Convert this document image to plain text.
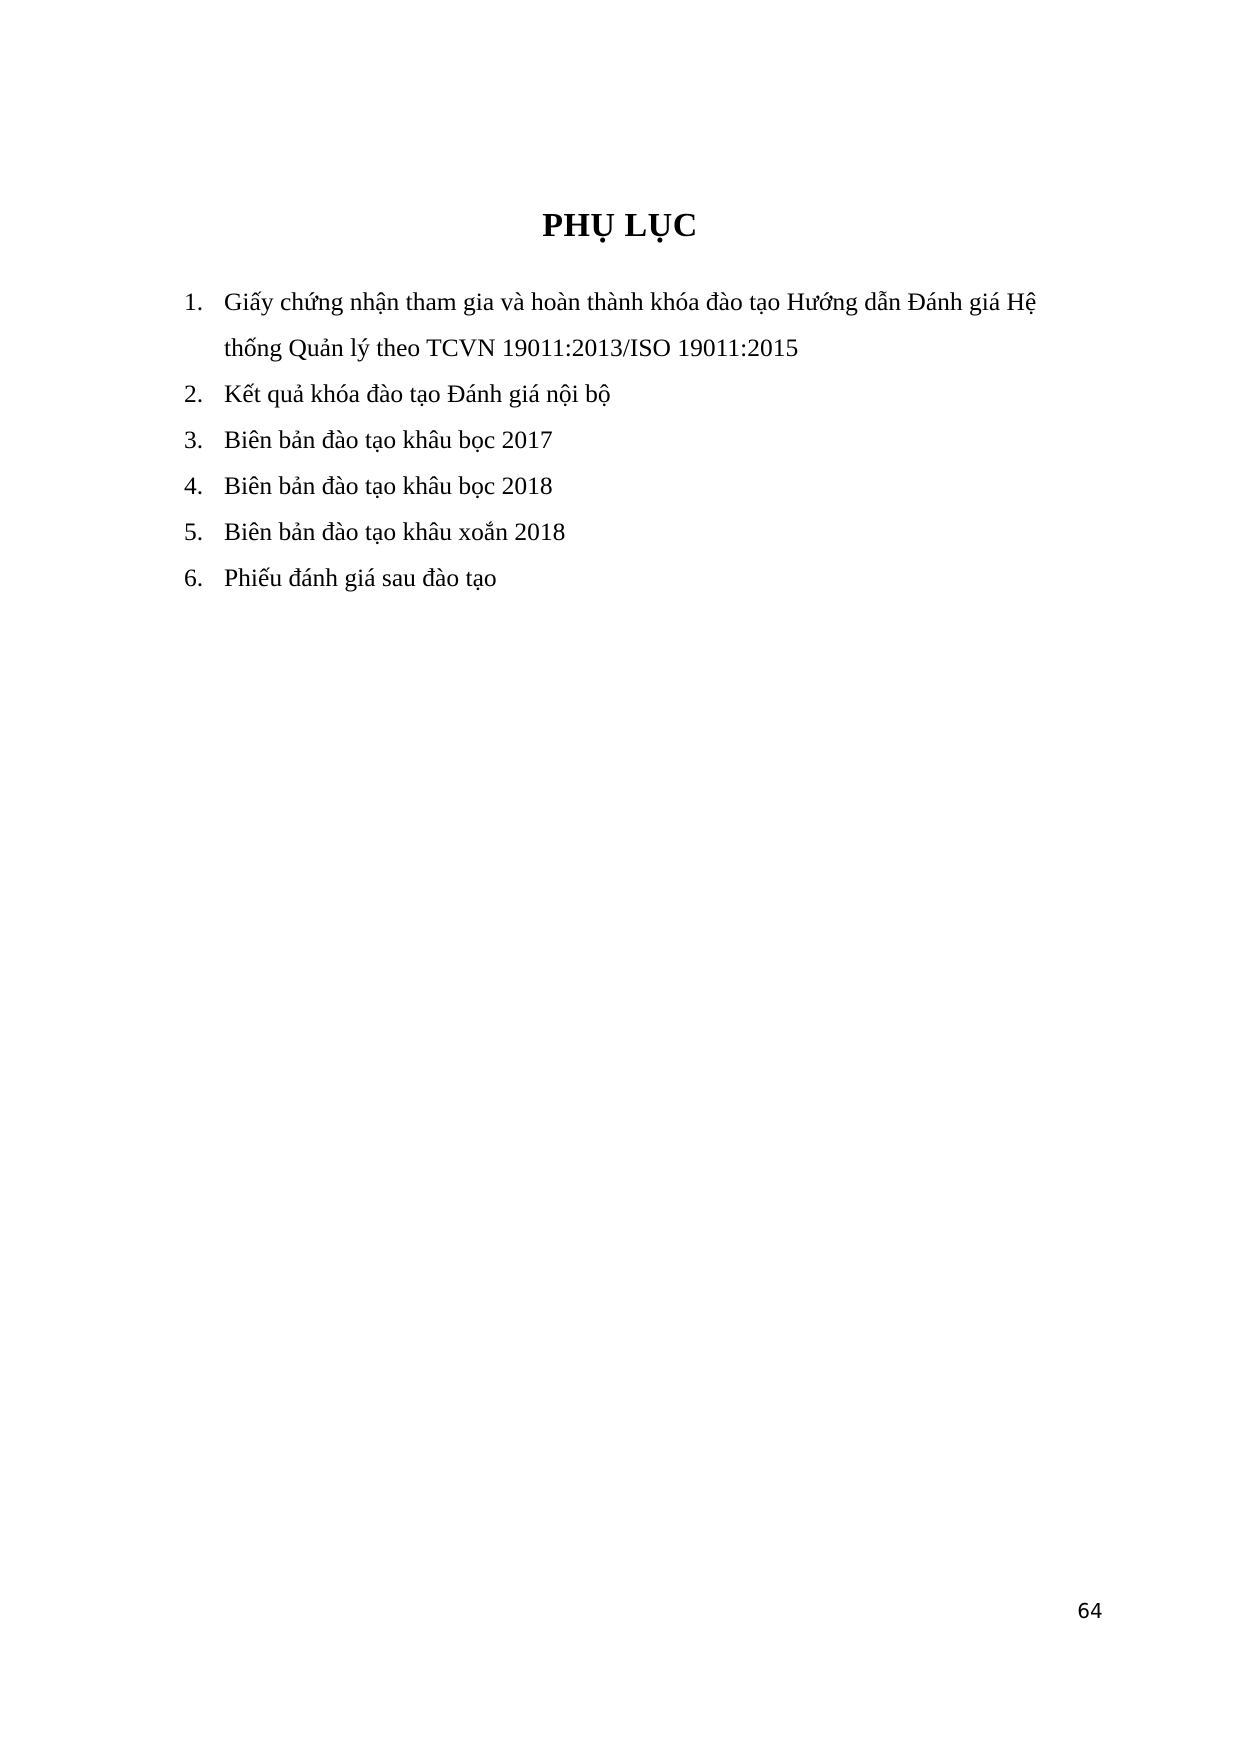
PHỤ LỤC
1. Giấy chứng nhận tham gia và hoàn thành khóa đào tạo Hướng dẫn Đánh giá Hệ thống Quản lý theo TCVN 19011:2013/ISO 19011:2015
2. Kết quả khóa đào tạo Đánh giá nội bộ
3. Biên bản đào tạo khâu bọc 2017
4. Biên bản đào tạo khâu bọc 2018
5. Biên bản đào tạo khâu xoắn 2018
6. Phiếu đánh giá sau đào tạo
64
